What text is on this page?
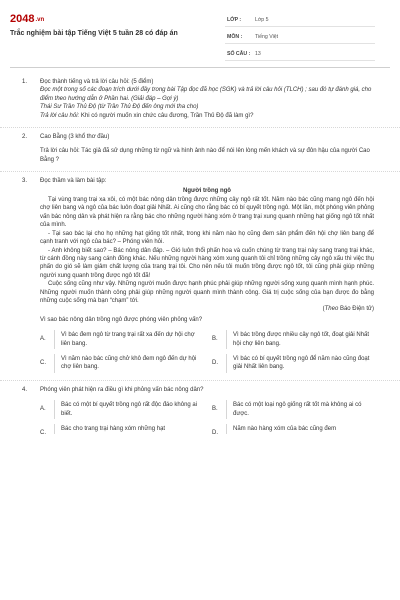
2048.vn
Trắc nghiệm bài tập Tiếng Việt 5 tuần 28 có đáp án
LỚP :	Lớp 5
MÔN : Tiếng Việt
SỐ CÂU : 13
1. Đọc thành tiếng và trả lời câu hỏi: (5 điểm)
Đọc một trong số các đoạn trích dưới đây trong bài Tập đọc đã học (SGK) và trả lời câu hỏi (TLCH) ; sau đó tự đánh giá, cho điểm theo hướng dẫn ở Phần hai. (Giải đáp – Gợi ý)
Thái Sư Trần Thủ Độ (từ Trần Thủ Độ đến ông mới tha cho)
Trả lời câu hỏi: Khi có người muốn xin chức câu đương, Trần Thủ Độ đã làm gì?
2. Cao Bằng (3 khổ thơ đầu)
Trả lời câu hỏi: Tác giả đã sử dụng những từ ngữ và hình ảnh nào để nói lên lòng mến khách và sự đôn hậu của người Cao Bằng ?
3. Đọc thầm và làm bài tập:
Người trồng ngô
Tại vùng trang trại xa xôi, có một bác nông dân trồng được những cây ngô rất tốt. Năm nào bác cũng mang ngô đến hội chợ liên bang và ngô của bác luôn đoạt giải Nhất. Ai cũng cho rằng bác có bí quyết trồng ngô. Một lần, một phóng viên phỏng vấn bác nông dân và phát hiện ra rằng bác cho những người hàng xóm ở trang trại xung quanh những hạt giống ngô tốt nhất của mình.
- Tại sao bác lại cho họ những hạt giống tốt nhất, trong khi năm nào họ cũng đem sản phẩm đến hội chợ liên bang để cạnh tranh với ngô của bác? – Phóng viên hỏi.
- Anh không biết sao? – Bác nông dân đáp. – Gió luôn thổi phấn hoa và cuốn chúng từ trang trại này sang trang trại khác, từ cánh đồng này sang cánh đồng khác. Nếu những người hàng xóm xung quanh tôi chỉ trồng những cây ngô xấu thì việc thụ phấn do gió sẽ làm giảm chất lượng của trang trại tôi. Cho nên nếu tôi muốn trồng được ngô tốt, tôi cũng phải giúp những người xung quanh trồng được ngô tốt đã!
Cuộc sống cũng như vậy. Những người muốn được hạnh phúc phải giúp những người sống xung quanh mình hạnh phúc. Những người muốn thành công phải giúp những người quanh mình thành công. Giá trị cuộc sống của bạn được đo bằng những cuộc sống mà bạn “chạm” tới.
(Theo Báo Điện tử)
Vì sao bác nông dân trồng ngô được phóng viên phỏng vấn?
A.
Vì bác đem ngô từ trang trại rất xa đến dự hội chợ liên bang.
B.
Vì bác trồng được nhiều cây ngô tốt, đoạt giải Nhất hội chợ liên bang.
C.
Vì năm nào bác cũng chở khô đem ngô đến dự hội chợ liên bang.
D.
Vì bác có bí quyết trồng ngô để năm nào cũng đoạt giải Nhất liên bang.
4. Phóng viên phát hiện ra điều gì khi phỏng vấn bác nông dân?
A.
Bác có một bí quyết trồng ngô rất độc đáo không ai biết.
B.
Bác có một loại ngô giống rất tốt mà không ai có được.
C.
Bác cho trang trại hàng xóm những hạt
D.
Năm nào hàng xóm của bác cũng đem
